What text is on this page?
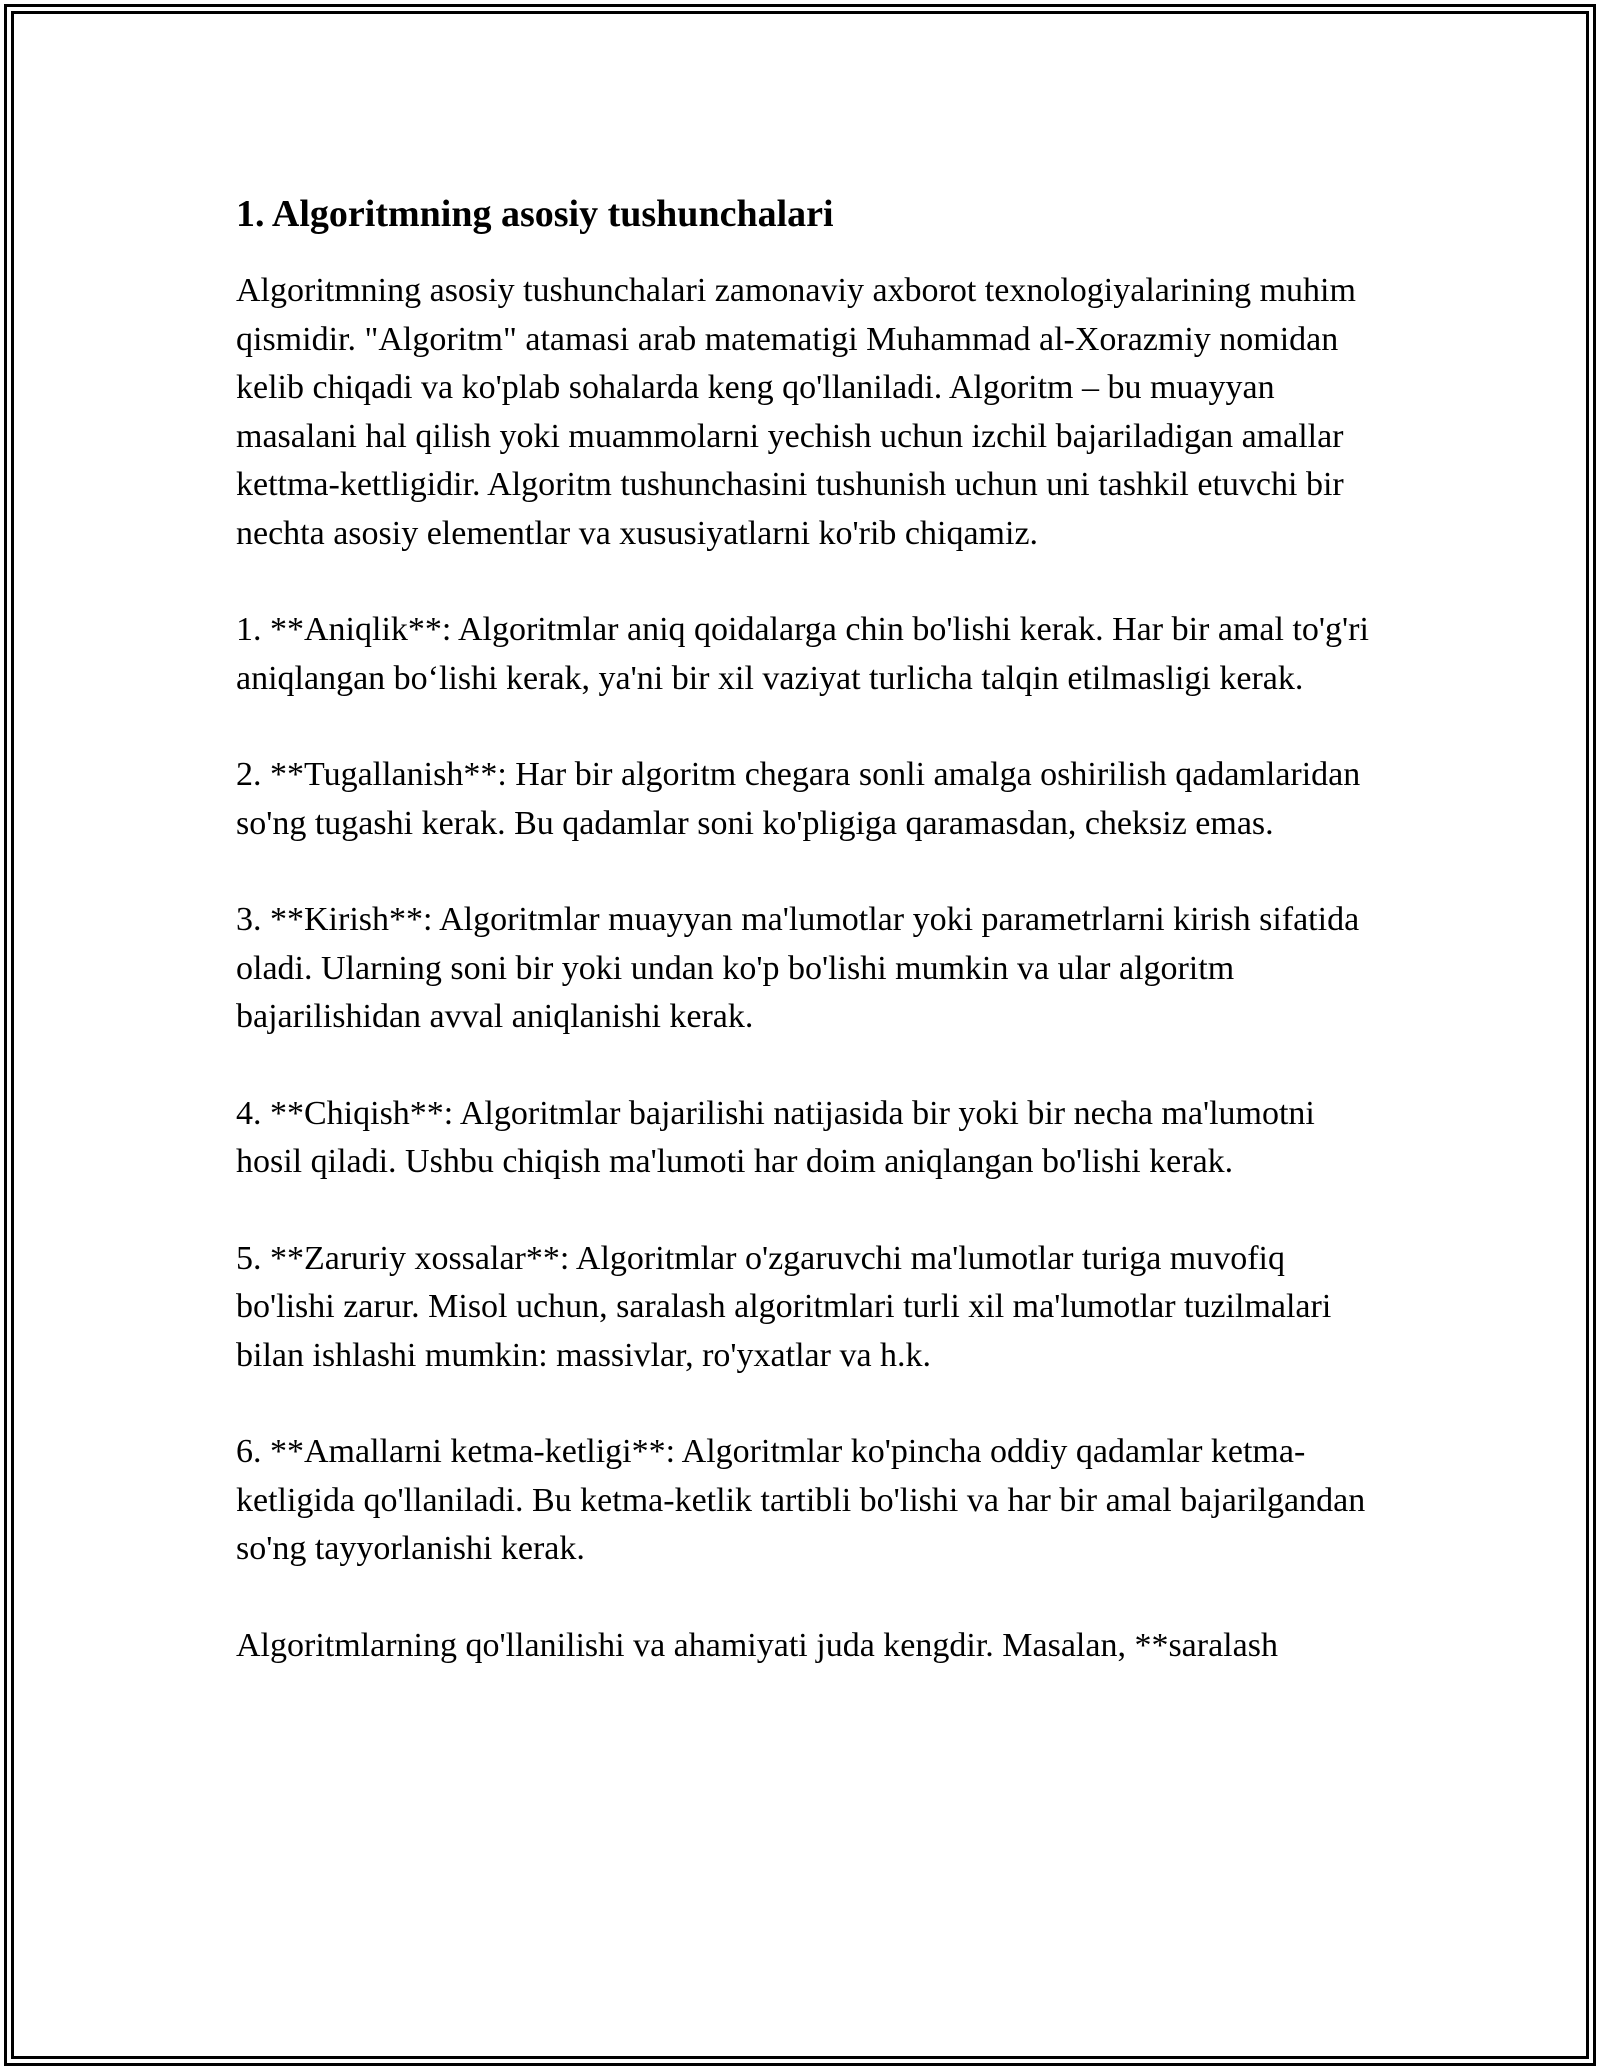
1. Algoritmning asosiy tushunchalari

Algoritmning asosiy tushunchalari zamonaviy axborot texnologiyalarining muhim qismidir. "Algoritm" atamasi arab matematigi Muhammad al-Xorazmiy nomidan kelib chiqadi va ko'plab sohalarda keng qo'llaniladi. Algoritm – bu muayyan masalani hal qilish yoki muammolarni yechish uchun izchil bajariladigan amallar kettma-kettligidir. Algoritm tushunchasini tushunish uchun uni tashkil etuvchi bir nechta asosiy elementlar va xususiyatlarni ko'rib chiqamiz.

1. **Aniqlik**: Algoritmlar aniq qoidalarga chin bo'lishi kerak. Har bir amal to'g'ri aniqlangan bo‘lishi kerak, ya'ni bir xil vaziyat turlicha talqin etilmasligi kerak.

2. **Tugallanish**: Har bir algoritm chegara sonli amalga oshirilish qadamlaridan so'ng tugashi kerak. Bu qadamlar soni ko'pligiga qaramasdan, cheksiz emas.

3. **Kirish**: Algoritmlar muayyan ma'lumotlar yoki parametrlarni kirish sifatida oladi. Ularning soni bir yoki undan ko'p bo'lishi mumkin va ular algoritm bajarilishidan avval aniqlanishi kerak.

4. **Chiqish**: Algoritmlar bajarilishi natijasida bir yoki bir necha ma'lumotni hosil qiladi. Ushbu chiqish ma'lumoti har doim aniqlangan bo'lishi kerak.

5. **Zaruriy xossalar**: Algoritmlar o'zgaruvchi ma'lumotlar turiga muvofiq bo'lishi zarur. Misol uchun, saralash algoritmlari turli xil ma'lumotlar tuzilmalari bilan ishlashi mumkin: massivlar, ro'yxatlar va h.k.

6. **Amallarni ketma-ketligi**: Algoritmlar ko'pincha oddiy qadamlar ketma-ketligida qo'llaniladi. Bu ketma-ketlik tartibli bo'lishi va har bir amal bajarilgandan so'ng tayyorlanishi kerak.

Algoritmlarning qo'llanilishi va ahamiyati juda kengdir. Masalan, **saralash
